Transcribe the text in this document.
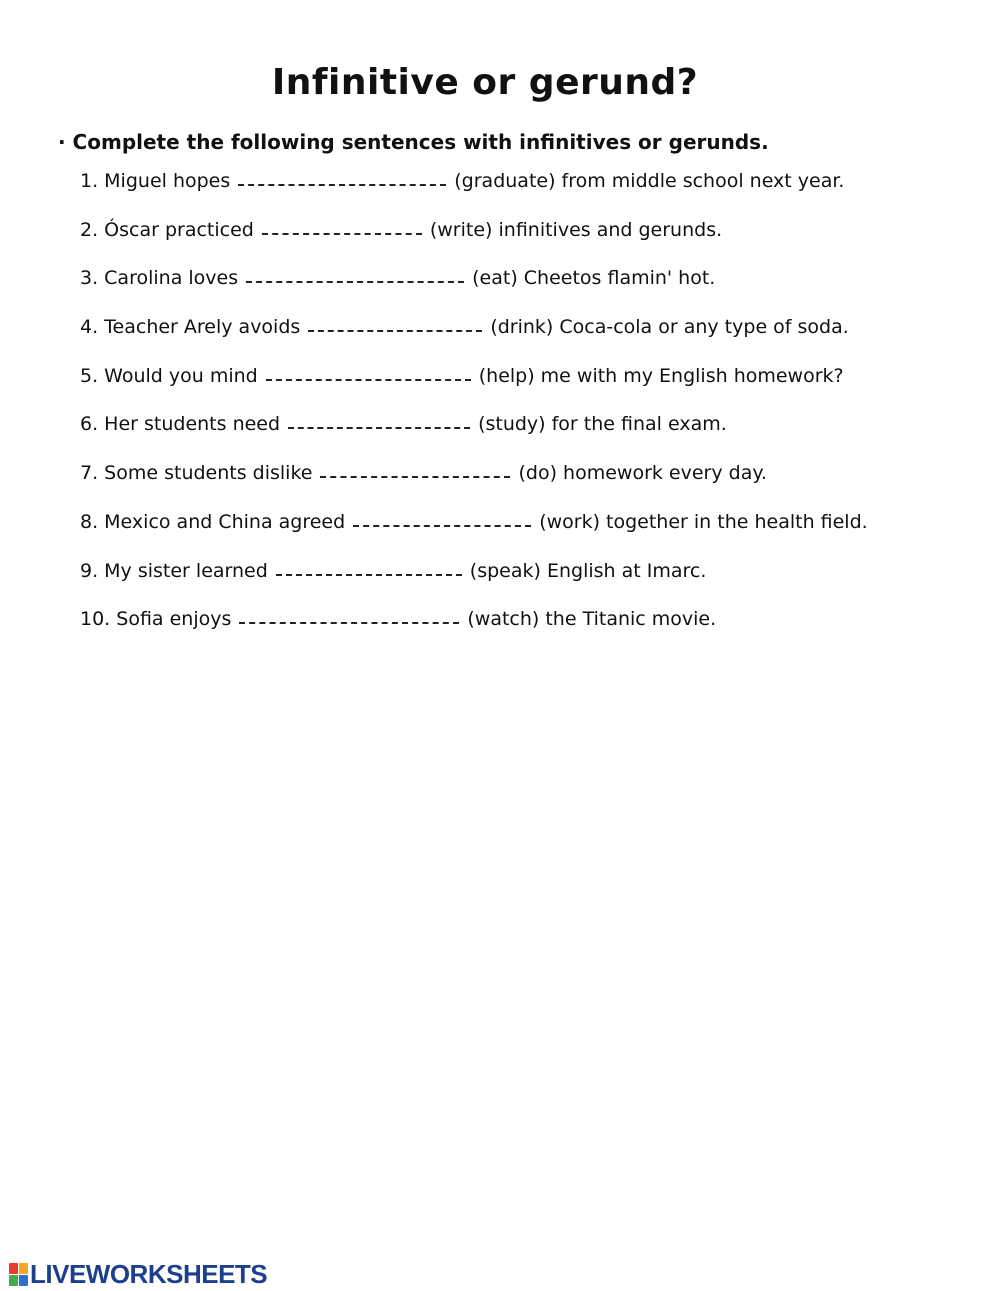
Infinitive or gerund?
· Complete the following sentences with infinitives or gerunds.
1. Miguel hopes	(graduate) from middle school next year.
2. Óscar practiced	(write) infinitives and gerunds.
3. Carolina loves	(eat) Cheetos flamin' hot.
4. Teacher Arely avoids	(drink) Coca-cola or any type of soda.
5. Would you mind	(help) me with my English homework?
6. Her students need	(study) for the final exam.
7. Some students dislike	(do) homework every day.
8. Mexico and China agreed	(work) together in the health field.
9. My sister learned	(speak) English at Imarc.
10. Sofia enjoys	(watch) the Titanic movie.
LIVEWORKSHEETS
